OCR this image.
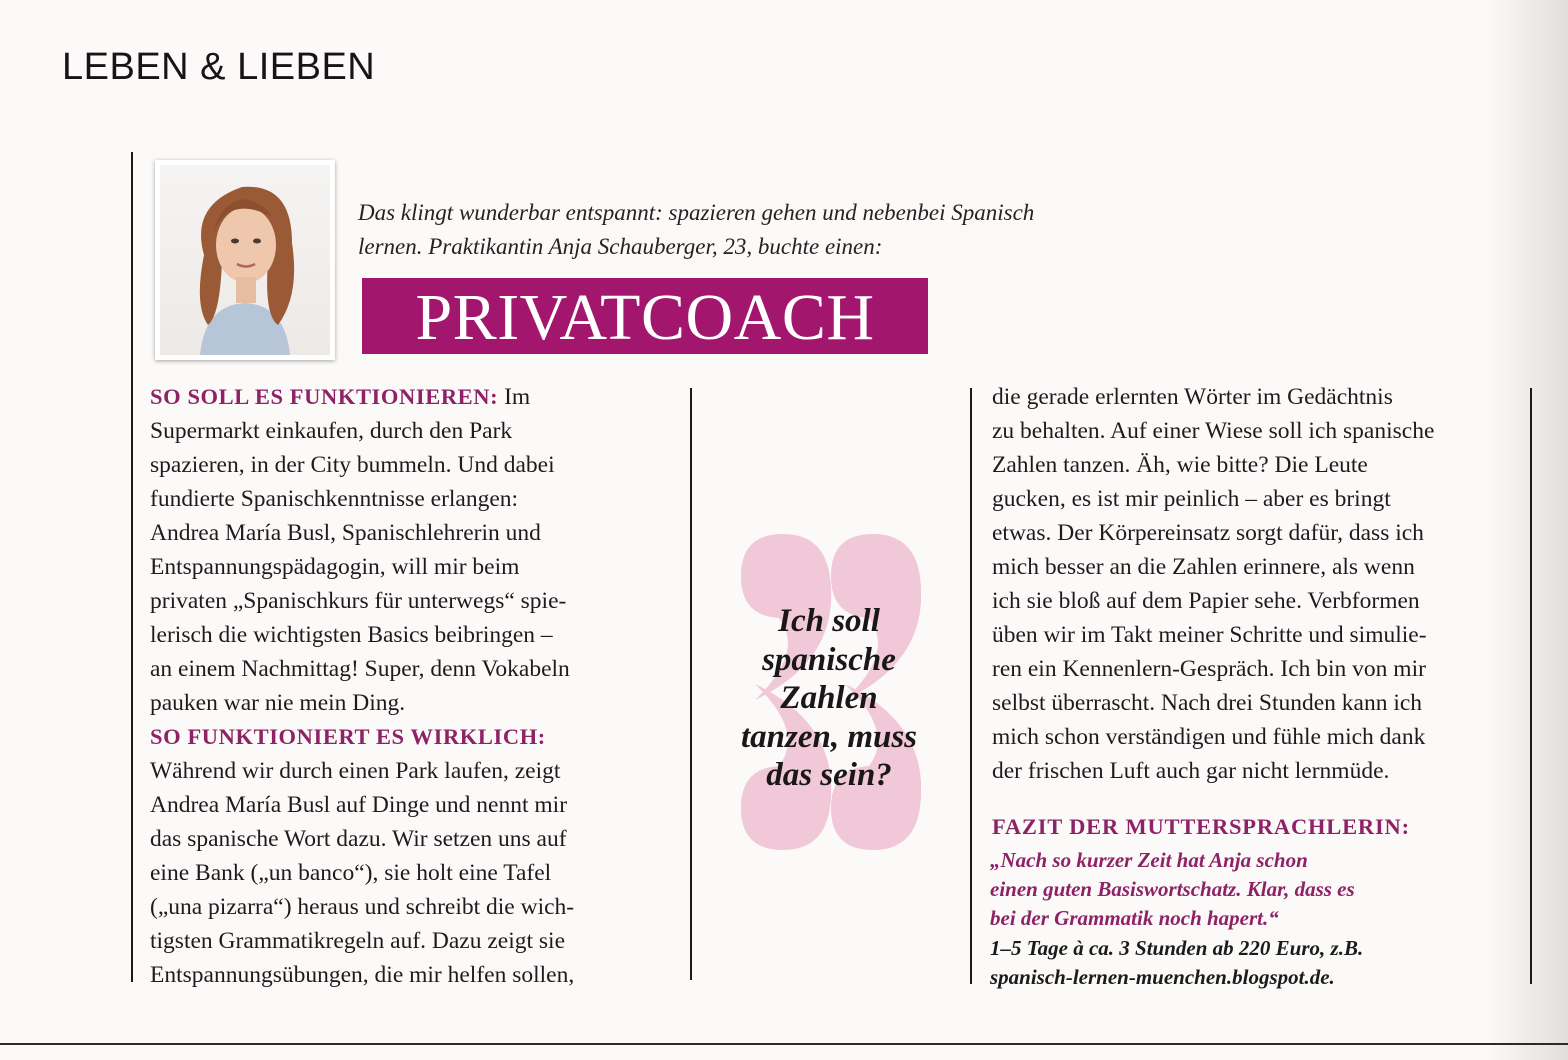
LEBEN & LIEBEN
Das klingt wunderbar entspannt: spazieren gehen und nebenbei Spanisch
lernen. Praktikantin Anja Schauberger, 23, buchte einen:
PRIVATCOACH

SO SOLL ES FUNKTIONIEREN: Im

Supermarkt einkaufen, durch den Park
spazieren, in der City bummeln. Und dabei
fundierte Spanischkenntnisse erlangen:
Andrea María Busl, Spanischlehrerin und
Entspannungspädagogin, will mir beim
privaten „Spanischkurs für unterwegs“ spie-
lerisch die wichtigsten Basics beibringen –
an einem Nachmittag! Super, denn Vokabeln
pauken war nie mein Ding.
SO FUNKTIONIERT ES WIRKLICH:
Während wir durch einen Park laufen, zeigt
Andrea María Busl auf Dinge und nennt mir
das spanische Wort dazu. Wir setzen uns auf
eine Bank („un banco“), sie holt eine Tafel
(„una pizarra“) heraus und schreibt die wich-
tigsten Grammatikregeln auf. Dazu zeigt sie
Entspannungsübungen, die mir helfen sollen,
Ich soll
spanische
Zahlen
tanzen, muss
das sein?
die gerade erlernten Wörter im Gedächtnis
zu behalten. Auf einer Wiese soll ich spanische
Zahlen tanzen. Äh, wie bitte? Die Leute
gucken, es ist mir peinlich – aber es bringt
etwas. Der Körpereinsatz sorgt dafür, dass ich
mich besser an die Zahlen erinnere, als wenn
ich sie bloß auf dem Papier sehe. Verbformen
üben wir im Takt meiner Schritte und simulie-
ren ein Kennenlern-Gespräch. Ich bin von mir
selbst überrascht. Nach drei Stunden kann ich
mich schon verständigen und fühle mich dank
der frischen Luft auch gar nicht lernmüde.
FAZIT DER MUTTERSPRACHLERIN:
„Nach so kurzer Zeit hat Anja schon
einen guten Basiswortschatz. Klar, dass es
bei der Grammatik noch hapert.“
1–5 Tage à ca. 3 Stunden ab 220 Euro, z.B.
spanisch-lernen-muenchen.blogspot.de.
